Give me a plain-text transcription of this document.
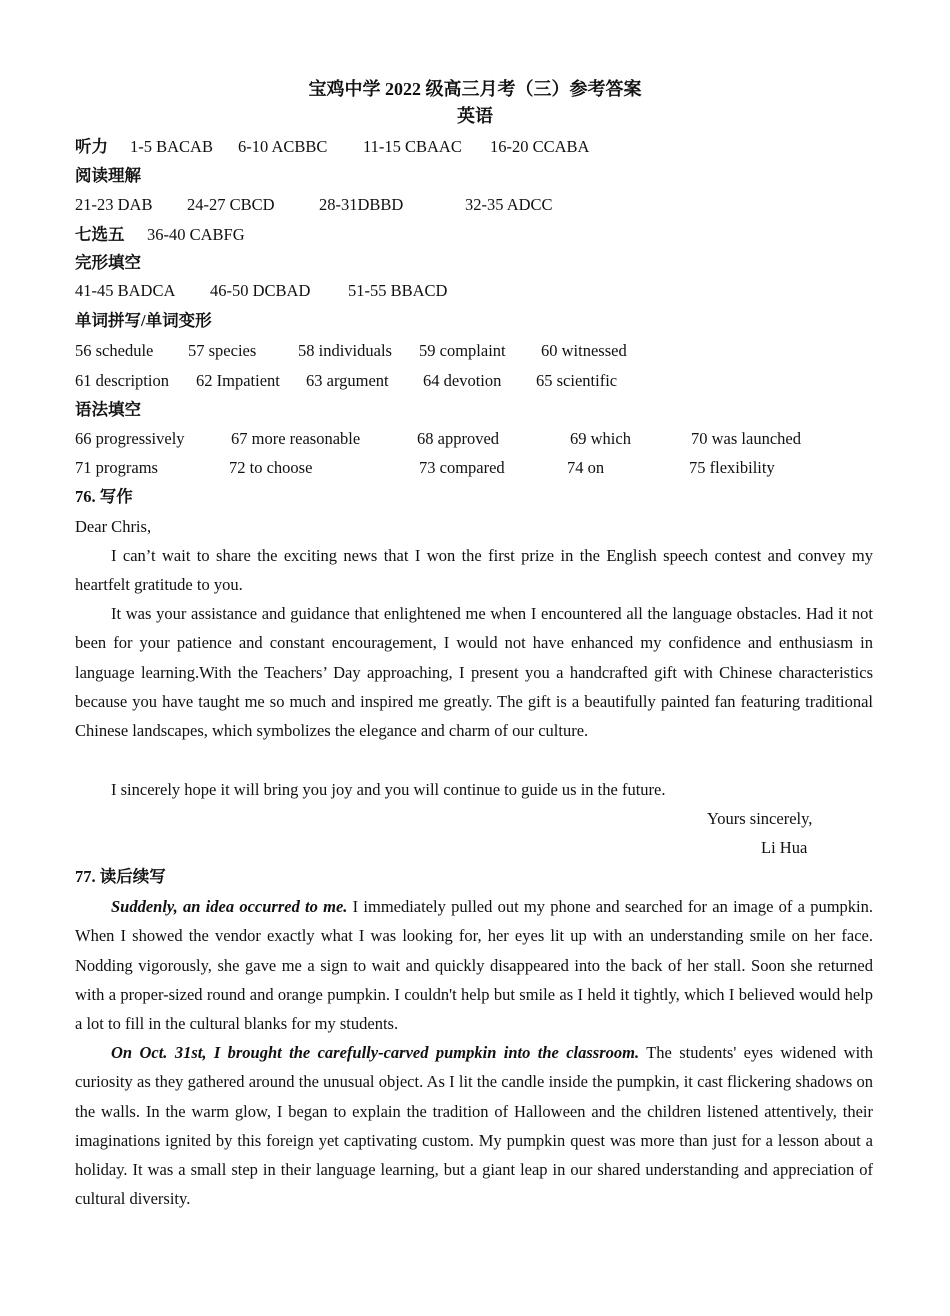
宝鸡中学 2022 级高三月考（三）参考答案
英语
听力 1-5 BACAB 6-10 ACBBC 11-15 CBAAC 16-20 CCABA
阅读理解
21-23 DAB 24-27 CBCD	28-31DBBD	32-35 ADCC
七选五 36-40 CABFG
完形填空
41-45 BADCA 46-50 DCBAD 51-55 BBACD
单词拼写/单词变形
56 schedule 57 species	58 individuals 59 complaint 60 witnessed
61 description 62 Impatient 63 argument 64 devotion 65 scientific
语法填空
66 progressively	67 more reasonable	68 approved	69 which	70 was launched
71 programs	72 to choose	73 compared	74 on	75 flexibility
76. 写作
Dear Chris,
I can’t wait to share the exciting news that I won the first prize in the English speech contest and convey my heartfelt gratitude to you.
It was your assistance and guidance that enlightened me when I encountered all the language obstacles. Had it not been for your patience and constant encouragement, I would not have enhanced my confidence and enthusiasm in language learning.With the Teachers’ Day approaching, I present you a handcrafted gift with Chinese characteristics because you have taught me so much and inspired me greatly. The gift is a beautifully painted fan featuring traditional Chinese landscapes, which symbolizes the elegance and charm of our culture.
I sincerely hope it will bring you joy and you will continue to guide us in the future.
Yours sincerely,
Li Hua
77. 读后续写
Suddenly, an idea occurred to me. I immediately pulled out my phone and searched for an image of a pumpkin. When I showed the vendor exactly what I was looking for, her eyes lit up with an understanding smile on her face. Nodding vigorously, she gave me a sign to wait and quickly disappeared into the back of her stall. Soon she returned with a proper-sized round and orange pumpkin. I couldn't help but smile as I held it tightly, which I believed would help a lot to fill in the cultural blanks for my students.
On Oct. 31st, I brought the carefully-carved pumpkin into the classroom. The students' eyes widened with curiosity as they gathered around the unusual object. As I lit the candle inside the pumpkin, it cast flickering shadows on the walls. In the warm glow, I began to explain the tradition of Halloween and the children listened attentively, their imaginations ignited by this foreign yet captivating custom. My pumpkin quest was more than just for a lesson about a holiday. It was a small step in their language learning, but a giant leap in our shared understanding and appreciation of cultural diversity.
